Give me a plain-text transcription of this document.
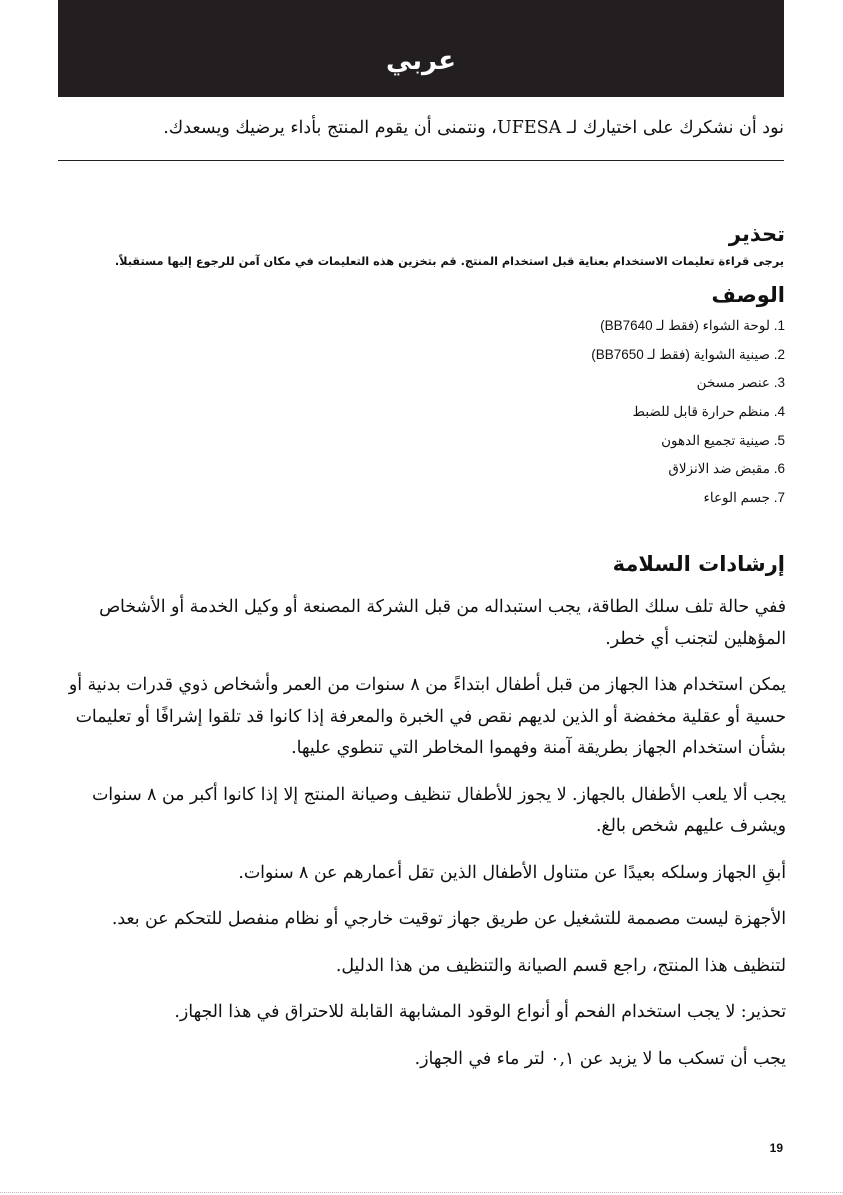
عربي
نود أن نشكرك على اختيارك لـ UFESA، ونتمنى أن يقوم المنتج بأداء يرضيك ويسعدك.
تحذير
يرجى قراءة تعليمات الاستخدام بعناية قبل استخدام المنتج. قم بتخزين هذه التعليمات في مكان آمن للرجوع إليها مستقبلاً.
الوصف
1. لوحة الشواء (فقط لـ BB7640)
2. صينية الشواية (فقط لـ BB7650)
3. عنصر مسخن
4. منظم حرارة قابل للضبط
5. صينية تجميع الدهون
6. مقبض ضد الانزلاق
7. جسم الوعاء
إرشادات السلامة

ففي حالة تلف سلك الطاقة، يجب استبداله من قبل الشركة المصنعة أو وكيل الخدمة أو الأشخاص المؤهلين لتجنب أي خطر.

يمكن استخدام هذا الجهاز من قبل أطفال ابتداءً من ٨ سنوات من العمر وأشخاص ذوي قدرات بدنية أو حسية أو عقلية مخفضة أو الذين لديهم نقص في الخبرة والمعرفة إذا كانوا قد تلقوا إشرافًا أو تعليمات بشأن استخدام الجهاز بطريقة آمنة وفهموا المخاطر التي تنطوي عليها.

يجب ألا يلعب الأطفال بالجهاز. لا يجوز للأطفال تنظيف وصيانة المنتج إلا إذا كانوا أكبر من ٨ سنوات ويشرف عليهم شخص بالغ.

أبقِ الجهاز وسلكه بعيدًا عن متناول الأطفال الذين تقل أعمارهم عن ٨ سنوات.

الأجهزة ليست مصممة للتشغيل عن طريق جهاز توقيت خارجي أو نظام منفصل للتحكم عن بعد.

لتنظيف هذا المنتج، راجع قسم الصيانة والتنظيف من هذا الدليل.

تحذير: لا يجب استخدام الفحم أو أنواع الوقود المشابهة القابلة للاحتراق في هذا الجهاز.

يجب أن تسكب ما لا يزيد عن ٠,١ لتر ماء في الجهاز.

19
